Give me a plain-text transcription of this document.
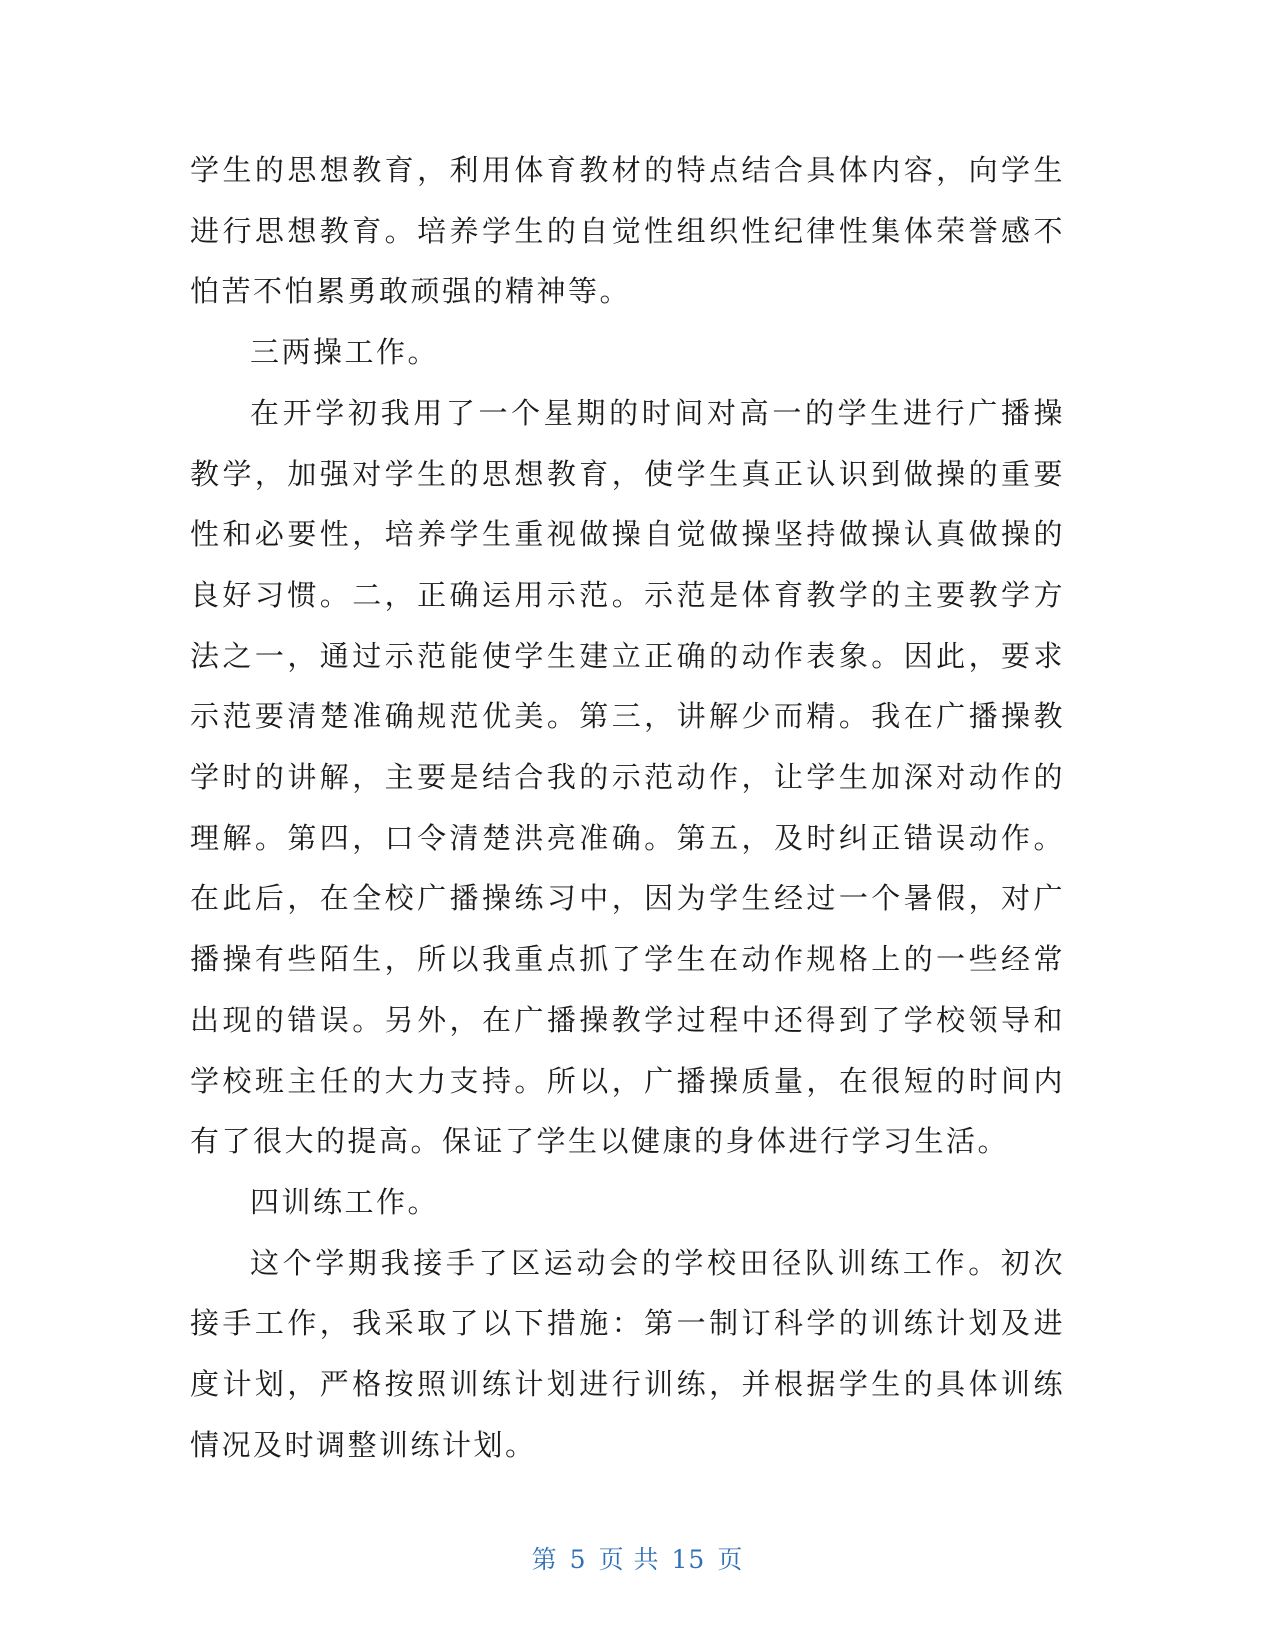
学生的思想教育，利用体育教材的特点结合具体内容，向学生进行思想教育。培养学生的自觉性组织性纪律性集体荣誉感不怕苦不怕累勇敢顽强的精神等。

三两操工作。

在开学初我用了一个星期的时间对高一的学生进行广播操教学，加强对学生的思想教育，使学生真正认识到做操的重要性和必要性，培养学生重视做操自觉做操坚持做操认真做操的良好习惯。二，正确运用示范。示范是体育教学的主要教学方法之一，通过示范能使学生建立正确的动作表象。因此，要求示范要清楚准确规范优美。第三，讲解少而精。我在广播操教学时的讲解，主要是结合我的示范动作，让学生加深对动作的理解。第四，口令清楚洪亮准确。第五，及时纠正错误动作。在此后，在全校广播操练习中，因为学生经过一个暑假，对广播操有些陌生，所以我重点抓了学生在动作规格上的一些经常出现的错误。另外，在广播操教学过程中还得到了学校领导和学校班主任的大力支持。所以，广播操质量，在很短的时间内有了很大的提高。保证了学生以健康的身体进行学习生活。

四训练工作。

这个学期我接手了区运动会的学校田径队训练工作。初次接手工作，我采取了以下措施：第一制订科学的训练计划及进度计划，严格按照训练计划进行训练，并根据学生的具体训练情况及时调整训练计划。

第 5 页 共 15 页
